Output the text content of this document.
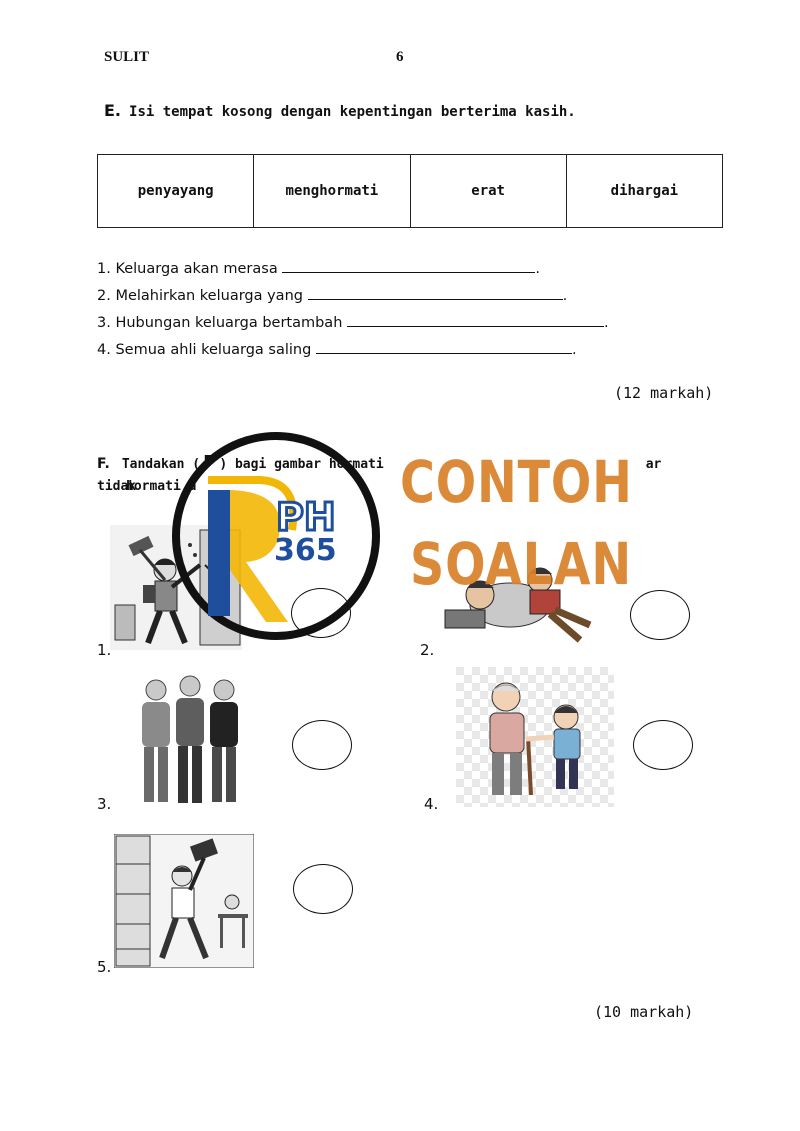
SULIT	6
E. Isi tempat kosong dengan kepentingan berterima kasih.
penyayang	menghormati	erat	dihargai
1. Keluarga akan merasa	.
2. Melahirkan keluarga yang	.
3. Hubungan keluarga bertambah	.
4. Semua ahli keluarga saling	.
(12 markah)
F. Tandakan ( P ) bagi gambar hormati	ar tidak
hormati d
1.	2.
3.	4.
5.
(10 markah)
PH
365
CONTOH
SOALAN
